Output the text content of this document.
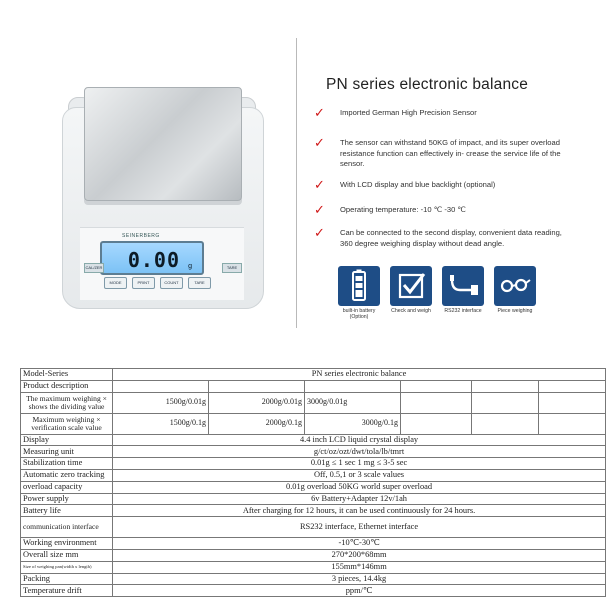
SEINERBERG
0.00 g
CAL/ZER	TARE
MODE	PRINT	COUNT	TARE
PN series electronic balance
✓ Imported German High Precision Sensor
✓ The sensor can withstand 50KG of impact, and its super overload resistance function can effectively in- crease the service life of the sensor.
✓ With LCD display and blue backlight (optional)
✓ Operating temperature: -10 ℃ -30 ℃
✓ Can be connected to the second display, convenient data reading, 360 degree weighing display without dead angle.
built-in battery (Option)
Check and weigh	RS232 interface	Piece weighing
Model-Series	PN series electronic balance					
Product description						
The maximum weighing × shows the dividing value	1500g/0.01g	2000g/0.01g	3000g/0.01g			
Maximum weighing × verification scale value	1500g/0.1g	2000g/0.1g	3000g/0.1g			
Display	4.4 inch LCD liquid crystal display					
Measuring unit	g/ct/oz/ozt/dwt/tola/lb/tmrt					
Stabilization time	0.01g ≤ 1 sec 1 mg ≤ 3-5 sec					
Automatic zero tracking	Off, 0.5,1 or 3 scale values					
overload capacity	0.01g overload 50KG world super overload					
Power supply	6v Battery+Adapter 12v/1ah					
Battery life	After charging for 12 hours, it can be used continuously for 24 hours.					
communication interface	RS232 interface, Ethernet interface					
Working environment	-10℃-30℃					
Overall size mm	270*200*68mm					
Size of weighing pan(width x length)	155mm*146mm					
Packing	3 pieces, 14.4kg					
Temperature drift	ppm/℃					
